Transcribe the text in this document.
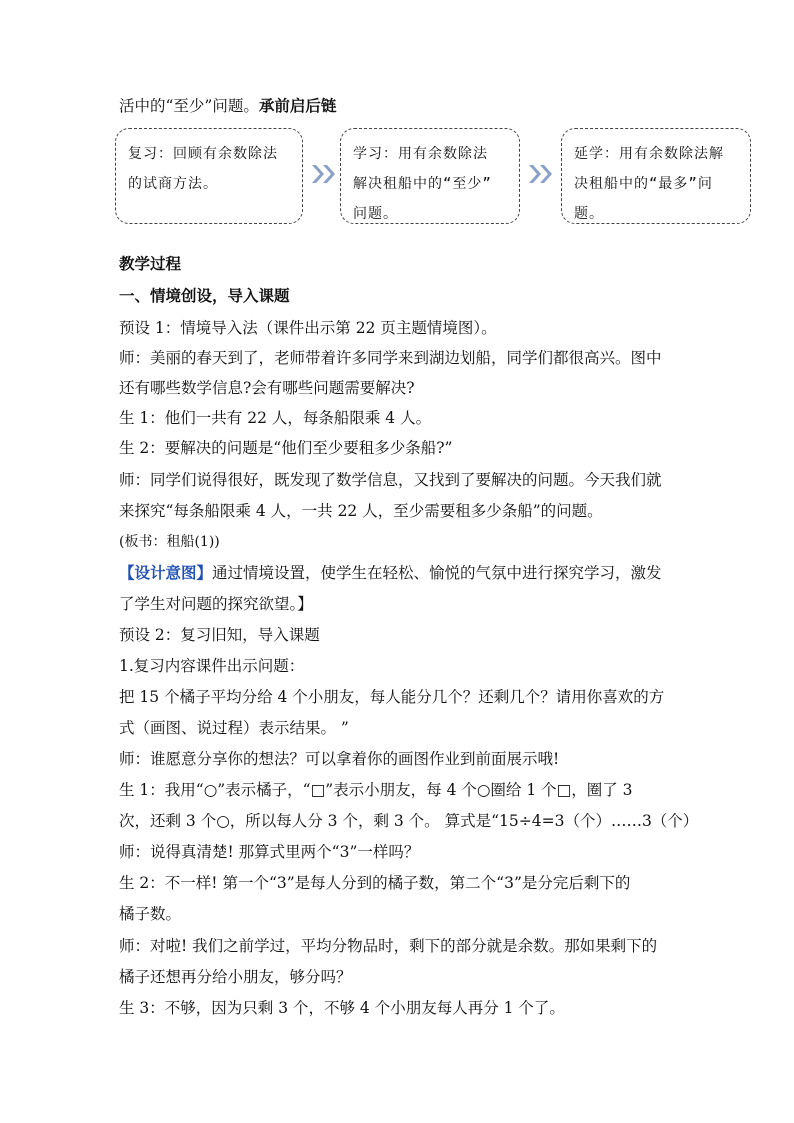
活中的“至少”问题。承前启后链
复习：回顾有余数除法
的试商方法。
学习：用有余数除法
解决租船中的“至少”
问题。
延学：用有余数除法解
决租船中的“最多”问
题。
教学过程
一、情境创设，导入课题
预设 1：情境导入法（课件出示第 22 页主题情境图）。
师：美丽的春天到了，老师带着许多同学来到湖边划船，同学们都很高兴。图中
还有哪些数学信息?会有哪些问题需要解决?
生 1：他们一共有 22 人，每条船限乘 4 人。
生 2：要解决的问题是“他们至少要租多少条船?”
师：同学们说得很好，既发现了数学信息，又找到了要解决的问题。今天我们就
来探究“每条船限乘 4 人，一共 22 人，至少需要租多少条船”的问题。
(板书：租船(1))
【设计意图】通过情境设置，使学生在轻松、愉悦的气氛中进行探究学习，激发
了学生对问题的探究欲望。】
预设 2：复习旧知，导入课题
1.复习内容课件出示问题：
把 15 个橘子平均分给 4 个小朋友，每人能分几个？还剩几个？请用你喜欢的方
式（画图、说过程）表示结果。 ”
师：谁愿意分享你的想法？可以拿着你的画图作业到前面展示哦!
生 1：我用“○”表示橘子，“□”表示小朋友，每 4 个○圈给 1 个□，圈了 3
次，还剩 3 个○，所以每人分 3 个，剩 3 个。 算式是“15÷4=3（个）……3（个）
师：说得真清楚! 那算式里两个“3”一样吗？
生 2：不一样! 第一个“3”是每人分到的橘子数，第二个“3”是分完后剩下的
橘子数。
师：对啦! 我们之前学过，平均分物品时，剩下的部分就是余数。那如果剩下的
橘子还想再分给小朋友，够分吗？
生 3：不够，因为只剩 3 个，不够 4 个小朋友每人再分 1 个了。
